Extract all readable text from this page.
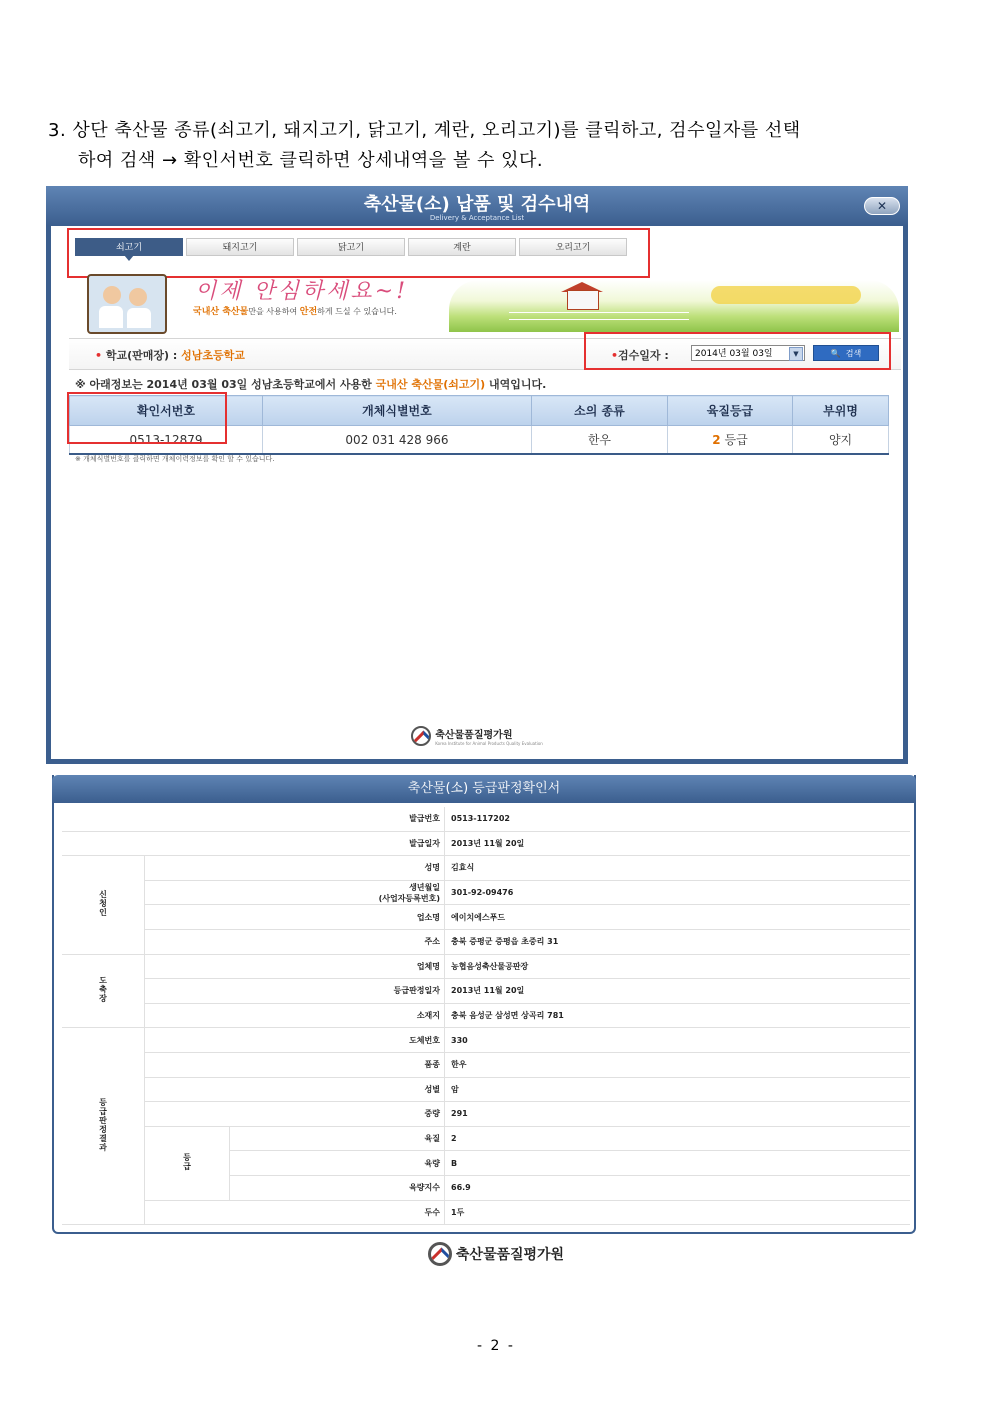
3. 상단 축산물 종류(쇠고기, 돼지고기, 닭고기, 계란, 오리고기)를 클릭하고, 검수일자를 선택
하여 검색 → 확인서번호 클릭하면 상세내역을 볼 수 있다.
축산물(소) 납품 및 검수내역
Delivery & Acceptance List
✕
쇠고기	돼지고기	닭고기	계란	오리고기
이제 안심하세요~!
국내산 축산물만을 사용하여 안전하게 드실 수 있습니다.
• 학교(판매장) : 성남초등학교	•검수일자 :	2014년 03월 03일	▼	🔍 검색
※ 아래정보는 2014년 03월 03일 성남초등학교에서 사용한 국내산 축산물(쇠고기) 내역입니다.
확인서번호	개체식별번호	소의 종류	육질등급	부위명
0513-12879	002 031 428 966	한우	2 등급	양지
※ 개체식별번호를 클릭하면 개체이력정보를 확인 할 수 있습니다.
축산물품질평가원
Korea Institute for Animal Products Quality Evaluation
축산물(소) 등급판정확인서
발급번호			0513-117202
발급일자			2013년 11월 20일
신청인	성명		김효식
	생년월일
(사업자등록번호)		301-92-09476
	업소명		에이치에스푸드
	주소		충북 증평군 증평읍 초중리 31
도축장	업체명		농협음성축산물공판장
	등급판정일자		2013년 11월 20일
	소재지		충북 음성군 삼성면 상곡리 781
등급판정결과	도체번호		330
	품종		한우
	성별		암
	중량		291
	등급	육질	2
		육량	B
		육량지수	66.9
	두수		1두
축산물품질평가원
- 2 -
